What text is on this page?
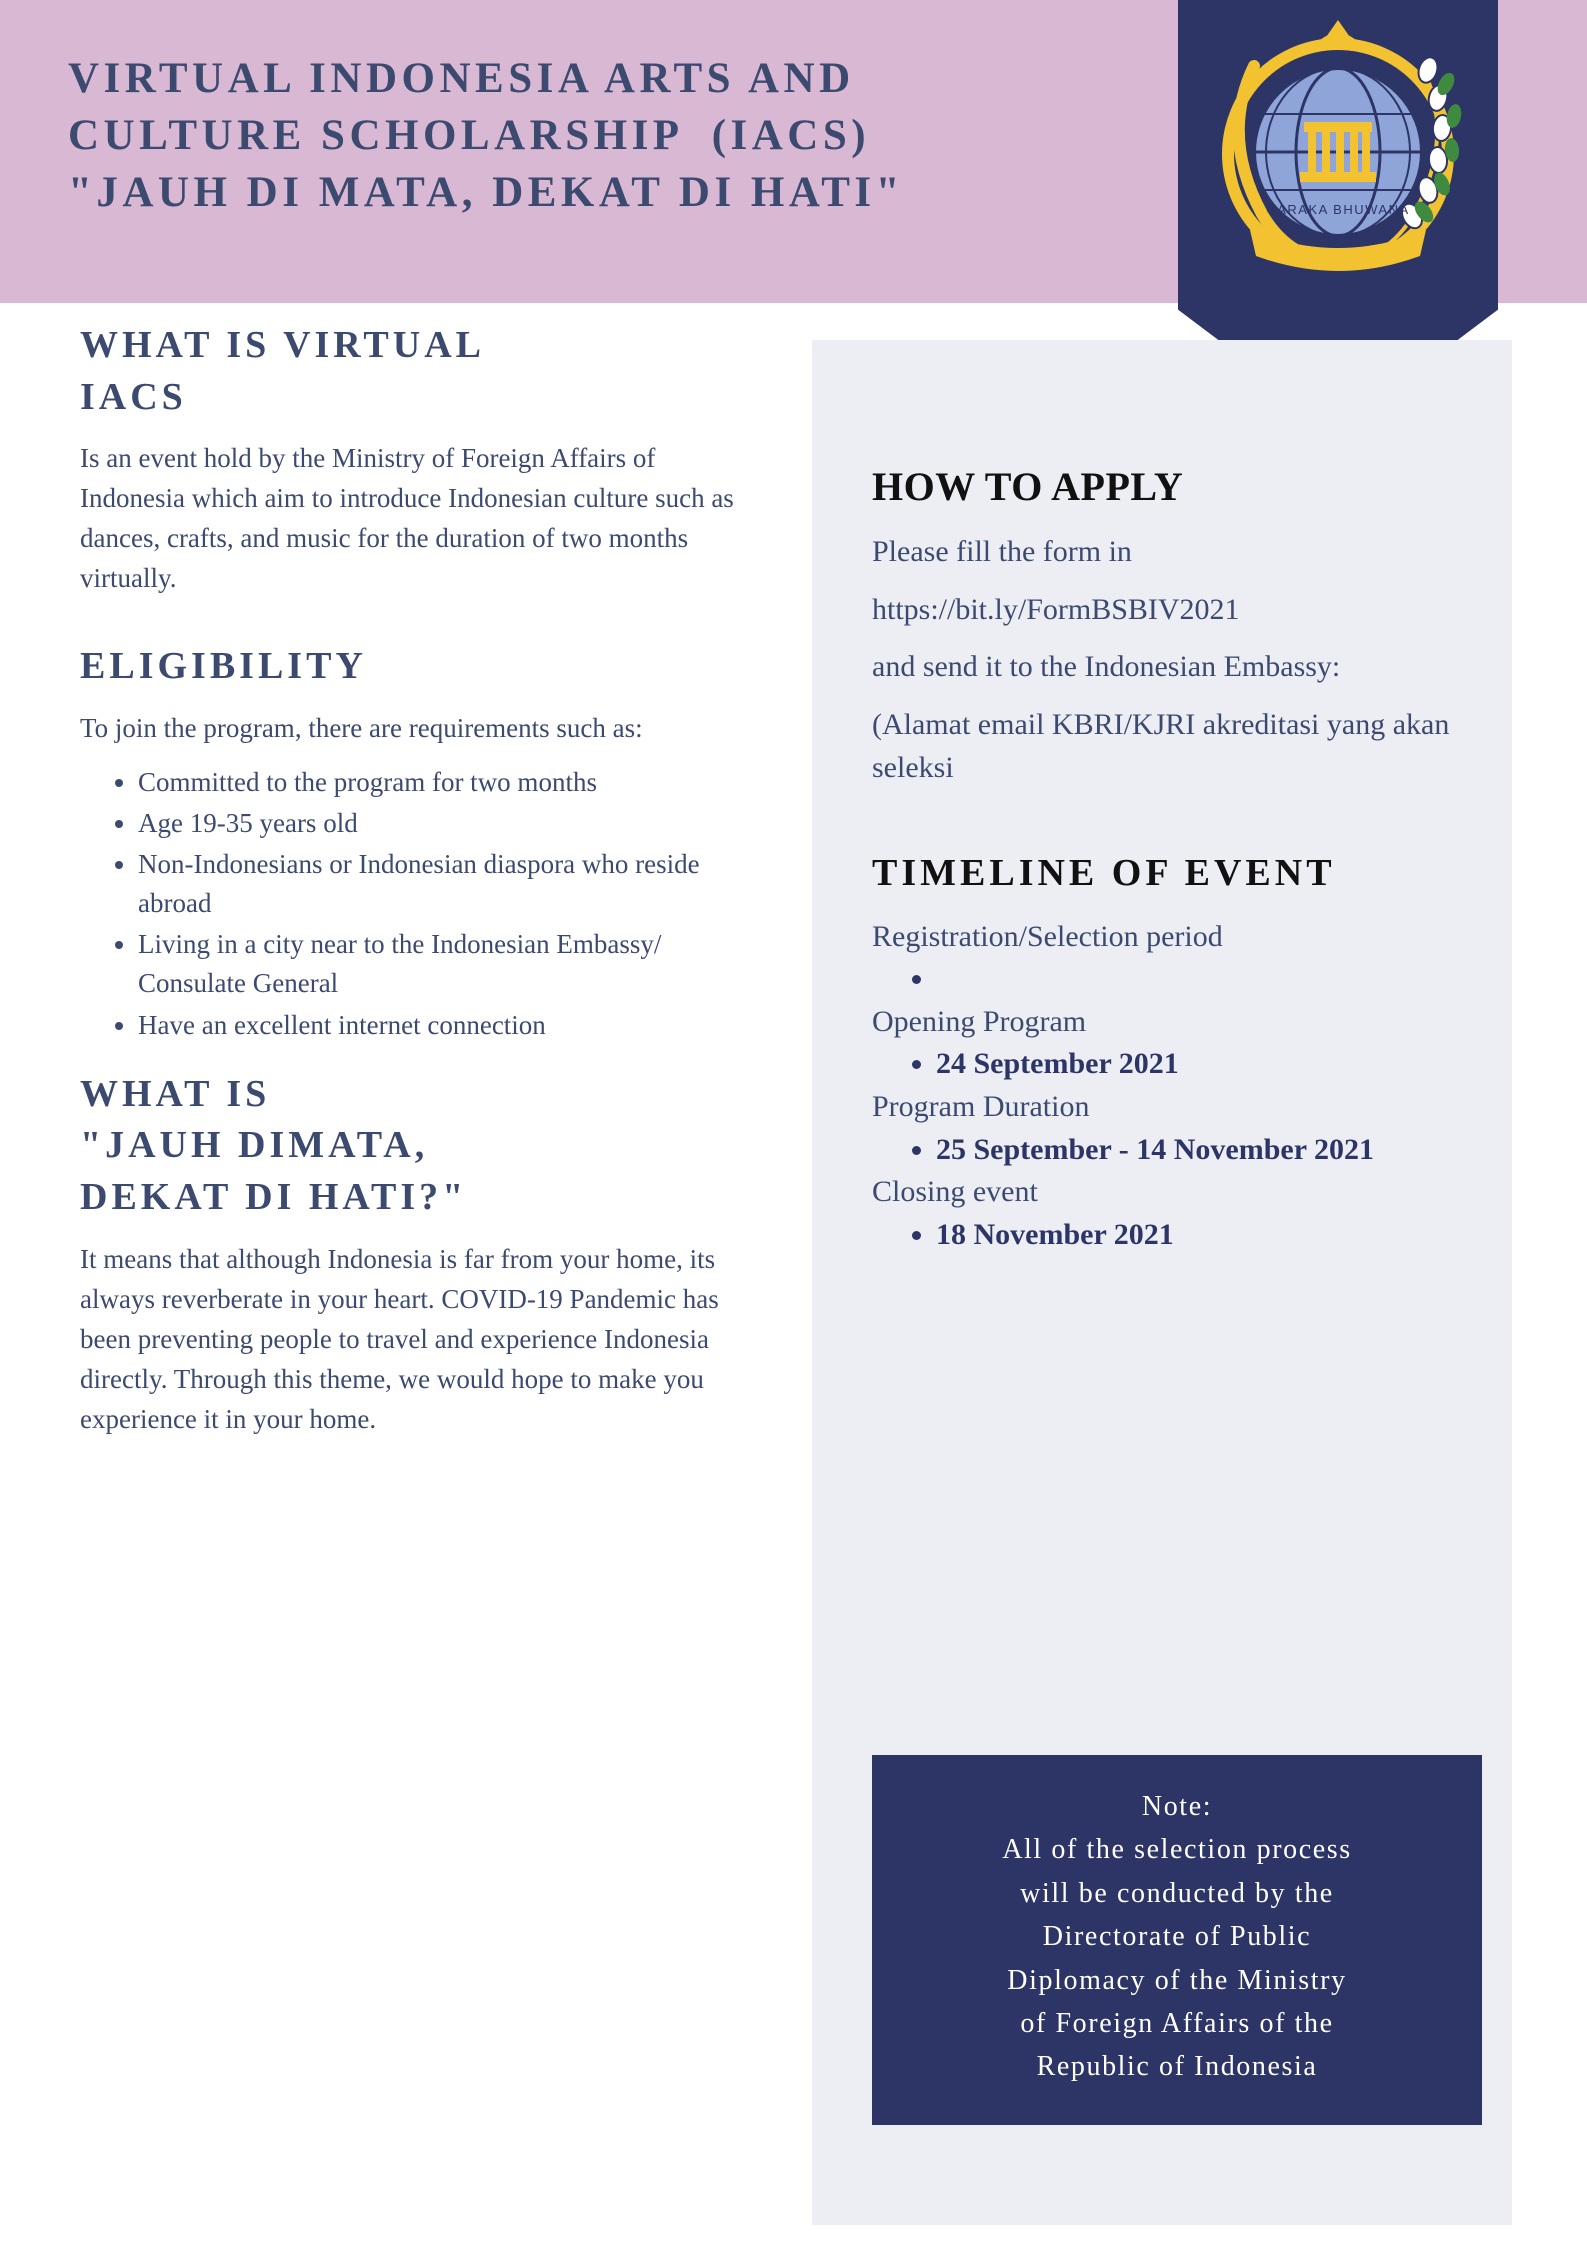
VIRTUAL INDONESIA ARTS AND
CULTURE SCHOLARSHIP  (IACS)
"JAUH DI MATA, DEKAT DI HATI"	CARAKA BHUWANA
WHAT IS VIRTUAL
IACS

Is an event hold by the Ministry of Foreign Affairs of Indonesia which aim to introduce Indonesian culture such as dances, crafts, and music for the duration of two months virtually.

ELIGIBILITY

To join the program, there are requirements such as:

• Committed to the program for two months
• Age 19-35 years old
• Non-Indonesians or Indonesian diaspora who reside abroad
• Living in a city near to the Indonesian Embassy/ Consulate General
• Have an excellent internet connection
WHAT IS
"JAUH DIMATA,
DEKAT DI HATI?"

It means that although Indonesia is far from your home, its always reverberate in your heart. COVID-19 Pandemic has been preventing people to travel and experience Indonesia directly. Through this theme, we would hope to make you experience it in your home.

HOW TO APPLY

Please fill the form in

https://bit.ly/FormBSBIV2021

and send it to the Indonesian Embassy:

(Alamat email KBRI/KJRI akreditasi yang akan seleksi

TIMELINE OF EVENT

Registration/Selection period

•

Opening Program

• 24 September 2021

Program Duration

• 25 September - 14 November 2021

Closing event

• 18 November 2021
Note:
All of the selection process
will be conducted by the
Directorate of Public
Diplomacy of the Ministry
of Foreign Affairs of the
Republic of Indonesia
